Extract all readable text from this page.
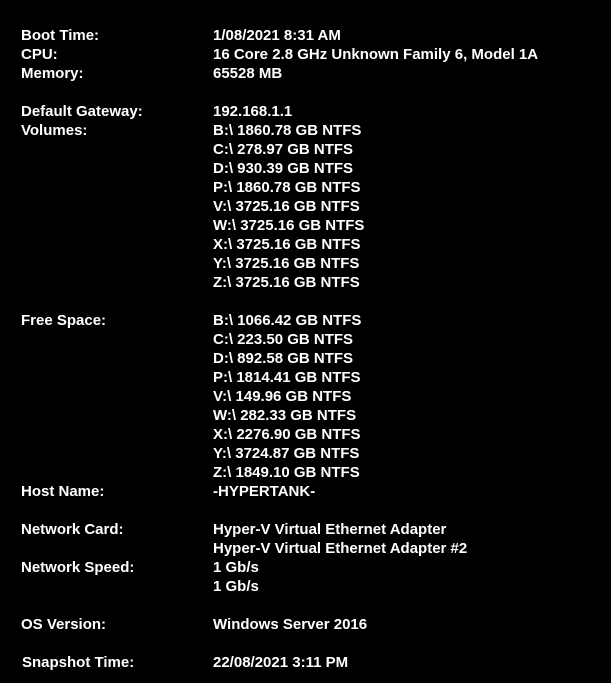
Boot Time:	1/08/2021 8:31 AM
CPU:	16 Core 2.8 GHz Unknown Family 6, Model 1A
Memory:	65528 MB
Default Gateway:	192.168.1.1
Volumes:	B:\ 1860.78 GB NTFS
C:\ 278.97 GB NTFS
D:\ 930.39 GB NTFS
P:\ 1860.78 GB NTFS
V:\ 3725.16 GB NTFS
W:\ 3725.16 GB NTFS
X:\ 3725.16 GB NTFS
Y:\ 3725.16 GB NTFS
Z:\ 3725.16 GB NTFS
Free Space:	B:\ 1066.42 GB NTFS
C:\ 223.50 GB NTFS
D:\ 892.58 GB NTFS
P:\ 1814.41 GB NTFS
V:\ 149.96 GB NTFS
W:\ 282.33 GB NTFS
X:\ 2276.90 GB NTFS
Y:\ 3724.87 GB NTFS
Z:\ 1849.10 GB NTFS
Host Name:	-HYPERTANK-
Network Card:	Hyper-V Virtual Ethernet Adapter
Hyper-V Virtual Ethernet Adapter #2
Network Speed:	1 Gb/s
1 Gb/s
OS Version:	Windows Server 2016
Snapshot Time:	22/08/2021 3:11 PM
